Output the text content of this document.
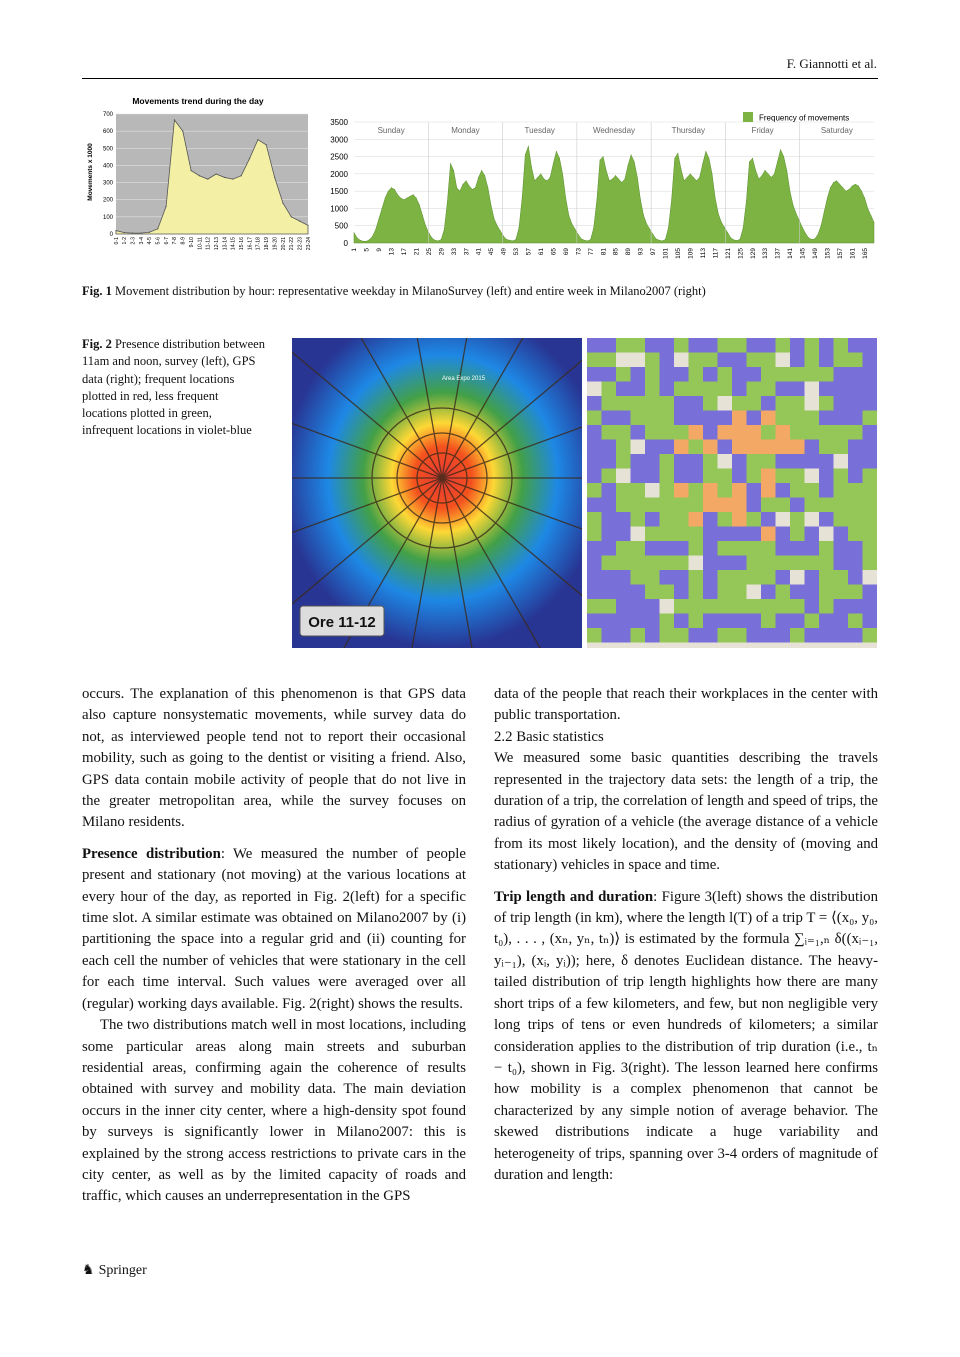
F. Giannotti et al.
Movements trend during the day
Movements x 1000
0
100
200
300
400
500
600
700
0-1 1-2 2-3 3-4 4-5 5-6 6-7 7-8 8-9 9-10 10-11 11-12 12-13 13-14 14-15 15-16 16-17 17-18 18-19 19-20 20-21 21-22 22-23 23-24	0
500
1000
1500
2000
2500
3000
3500
Sunday	Monday	Tuesday	Wednesday	Thursday	Friday	Saturday
1 5 9 13 17 21 25 29 33 37 41 45 49 53 57 61 65 69 73 77 81 85 89 93 97 101 105 109 113 117 121 125 129 133 137 141 145 149 153 157 161 165
Frequency of movements
Fig. 1 Movement distribution by hour: representative weekday in MilanoSurvey (left) and entire week in Milano2007 (right)
Fig. 2 Presence distribution between 11am and noon, survey (left), GPS data (right); frequent locations plotted in red, less frequent locations plotted in green, infrequent locations in violet-blue
Area Expo 2015
Ore 11-12

occurs. The explanation of this phenomenon is that GPS data also capture nonsystematic movements, while survey data do not, as interviewed people tend not to report their occasional mobility, such as going to the dentist or visiting a friend. Also, GPS data contain mobile activity of people that do not live in the greater metropolitan area, while the survey focuses on Milano residents.

Presence distribution: We measured the number of people present and stationary (not moving) at the various locations at every hour of the day, as reported in Fig. 2(left) for a specific time slot. A similar estimate was obtained on Milano2007 by (i) partitioning the space into a regular grid and (ii) counting for each cell the number of vehicles that were stationary in the cell for each time interval. Such values were averaged over all (regular) working days available. Fig. 2(right) shows the results.

The two distributions match well in most locations, including some particular areas along main streets and suburban residential areas, confirming again the coherence of results obtained with survey and mobility data. The main deviation occurs in the inner city center, where a high-density spot found by surveys is significantly lower in Milano2007: this is explained by the strong access restrictions to private cars in the city center, as well as by the limited capacity of roads and traffic, which causes an underrepresentation in the GPS

data of the people that reach their workplaces in the center with public transportation.

2.2 Basic statistics

We measured some basic quantities describing the travels represented in the trajectory data sets: the length of a trip, the duration of a trip, the correlation of length and speed of trips, the radius of gyration of a vehicle (the average distance of a vehicle from its most likely location), and the density of (moving and stationary) vehicles in space and time.

Trip length and duration: Figure 3(left) shows the distribution of trip length (in km), where the length l(T) of a trip T = ⟨(x₀, y₀, t₀), . . . , (xₙ, yₙ, tₙ)⟩ is estimated by the formula ∑ᵢ₌₁,ₙ δ((xᵢ₋₁, yᵢ₋₁), (xᵢ, yᵢ)); here, δ denotes Euclidean distance. The heavy-tailed distribution of trip length highlights how there are many short trips of a few kilometers, and few, but non negligible very long trips of tens or even hundreds of kilometers; a similar consideration applies to the distribution of trip duration (i.e., tₙ − t₀), shown in Fig. 3(right). The lesson learned here confirms how mobility is a complex phenomenon that cannot be characterized by any simple notion of average behavior. The skewed distributions indicate a huge variability and heterogeneity of trips, spanning over 3-4 orders of magnitude of duration and length:

♞ Springer
